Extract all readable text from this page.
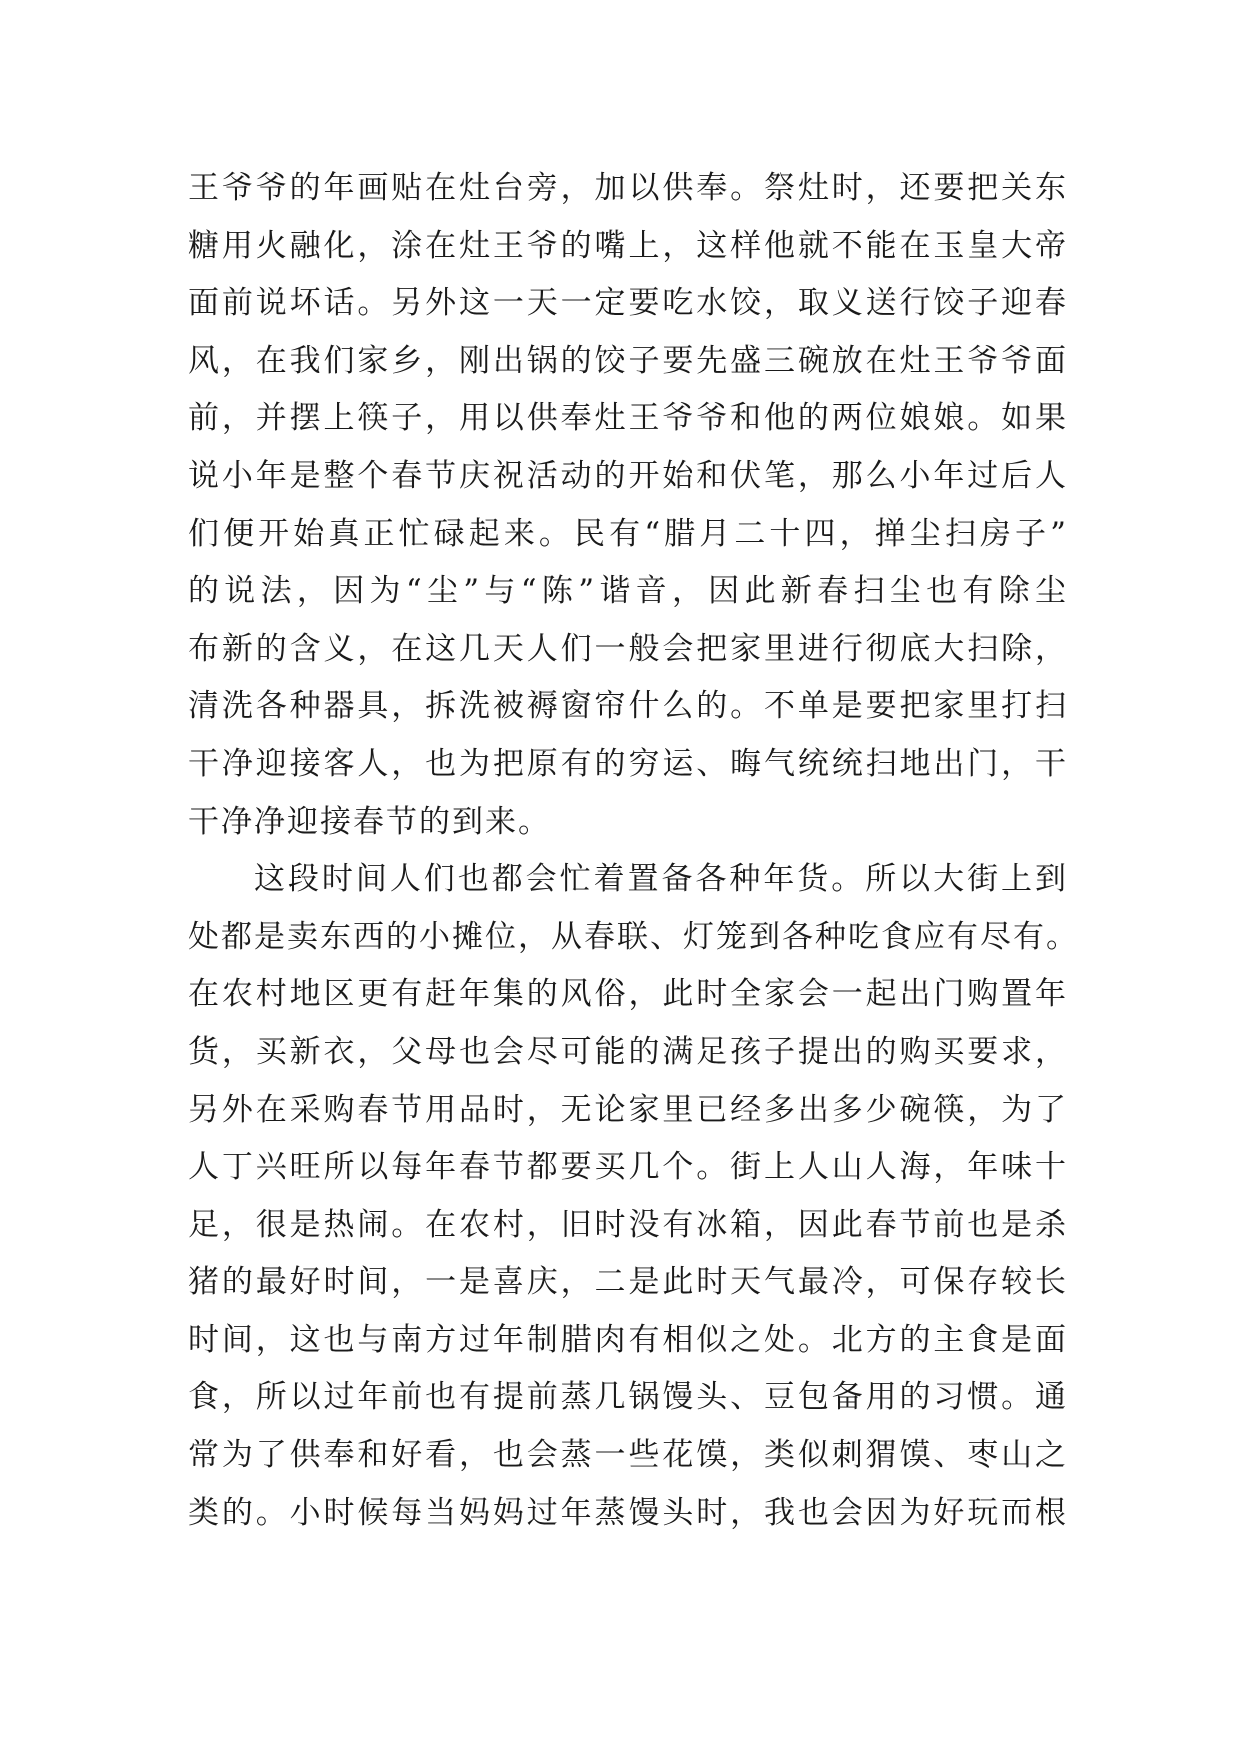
王爷爷的年画贴在灶台旁，加以供奉。祭灶时，还要把关东
糖用火融化，涂在灶王爷的嘴上，这样他就不能在玉皇大帝
面前说坏话。另外这一天一定要吃水饺，取义送行饺子迎春
风，在我们家乡，刚出锅的饺子要先盛三碗放在灶王爷爷面
前，并摆上筷子，用以供奉灶王爷爷和他的两位娘娘。如果
说小年是整个春节庆祝活动的开始和伏笔，那么小年过后人
们便开始真正忙碌起来。民有“腊月二十四，掸尘扫房子”
的说法，因为“尘”与“陈”谐音，因此新春扫尘也有除尘
布新的含义，在这几天人们一般会把家里进行彻底大扫除，
清洗各种器具，拆洗被褥窗帘什么的。不单是要把家里打扫
干净迎接客人，也为把原有的穷运、晦气统统扫地出门，干
干净净迎接春节的到来。
这段时间人们也都会忙着置备各种年货。所以大街上到
处都是卖东西的小摊位，从春联、灯笼到各种吃食应有尽有。
在农村地区更有赶年集的风俗，此时全家会一起出门购置年
货，买新衣，父母也会尽可能的满足孩子提出的购买要求，
另外在采购春节用品时，无论家里已经多出多少碗筷，为了
人丁兴旺所以每年春节都要买几个。街上人山人海，年味十
足，很是热闹。在农村，旧时没有冰箱，因此春节前也是杀
猪的最好时间，一是喜庆，二是此时天气最冷，可保存较长
时间，这也与南方过年制腊肉有相似之处。北方的主食是面
食，所以过年前也有提前蒸几锅馒头、豆包备用的习惯。通
常为了供奉和好看，也会蒸一些花馍，类似刺猬馍、枣山之
类的。小时候每当妈妈过年蒸馒头时，我也会因为好玩而根
